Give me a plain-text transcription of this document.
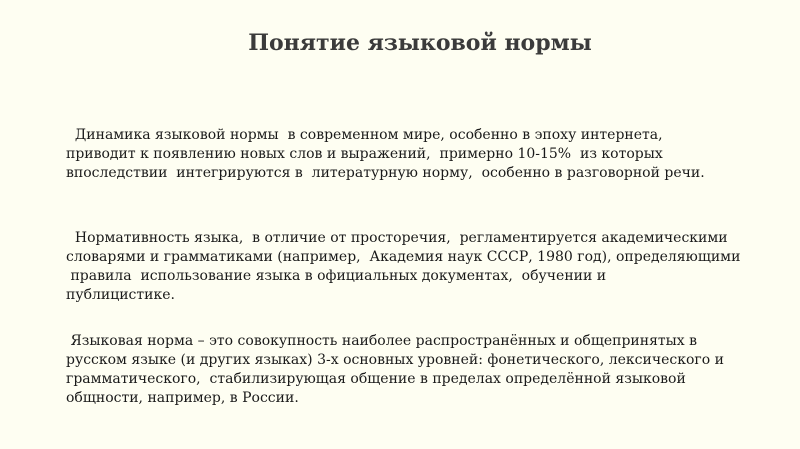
Понятие языковой нормы

Динамика языковой нормы  в современном мире, особенно в эпоху интернета,
приводит к появлению новых слов и выражений,  примерно 10-15%  из которых
впоследствии  интегрируются в  литературную норму,  особенно в разговорной речи.

Нормативность языка,  в отличие от просторечия,  регламентируется академическими
словарями и грамматиками (например,  Академия наук СССР, 1980 год), определяющими
правила  использование языка в официальных документах,  обучении и
публицистике.

Языковая норма – это совокупность наиболее распространённых и общепринятых в
русском языке (и других языках) 3-х основных уровней: фонетического, лексического и
грамматического,  стабилизирующая общение в пределах определённой языковой
общности, например, в России.
